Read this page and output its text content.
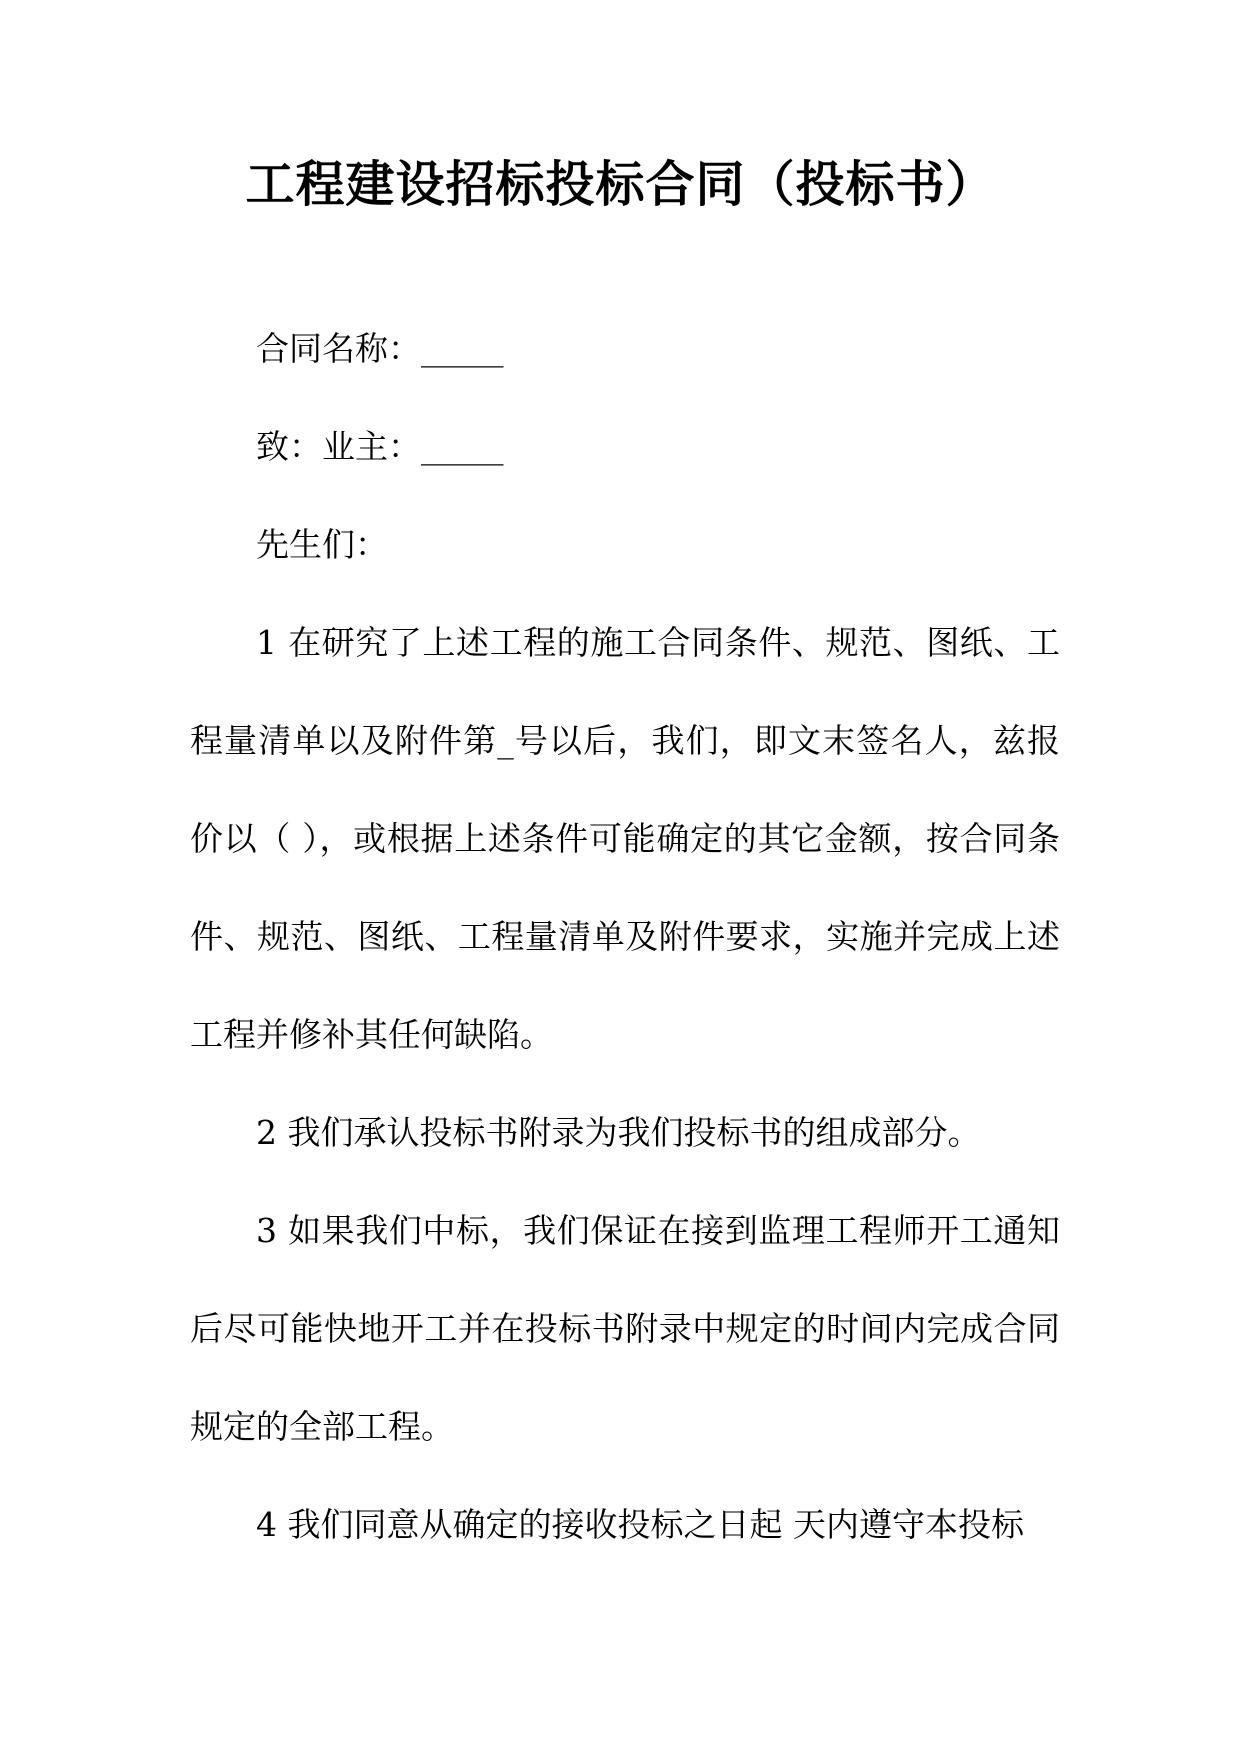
工程建设招标投标合同（投标书）

合同名称：_____

致：业主：_____

先生们：

1 在研究了上述工程的施工合同条件、规范、图纸、工程量清单以及附件第_号以后，我们，即文末签名人，兹报价以（ ），或根据上述条件可能确定的其它金额，按合同条件、规范、图纸、工程量清单及附件要求，实施并完成上述工程并修补其任何缺陷。

2 我们承认投标书附录为我们投标书的组成部分。

3 如果我们中标，我们保证在接到监理工程师开工通知后尽可能快地开工并在投标书附录中规定的时间内完成合同规定的全部工程。

4 我们同意从确定的接收投标之日起 天内遵守本投标
